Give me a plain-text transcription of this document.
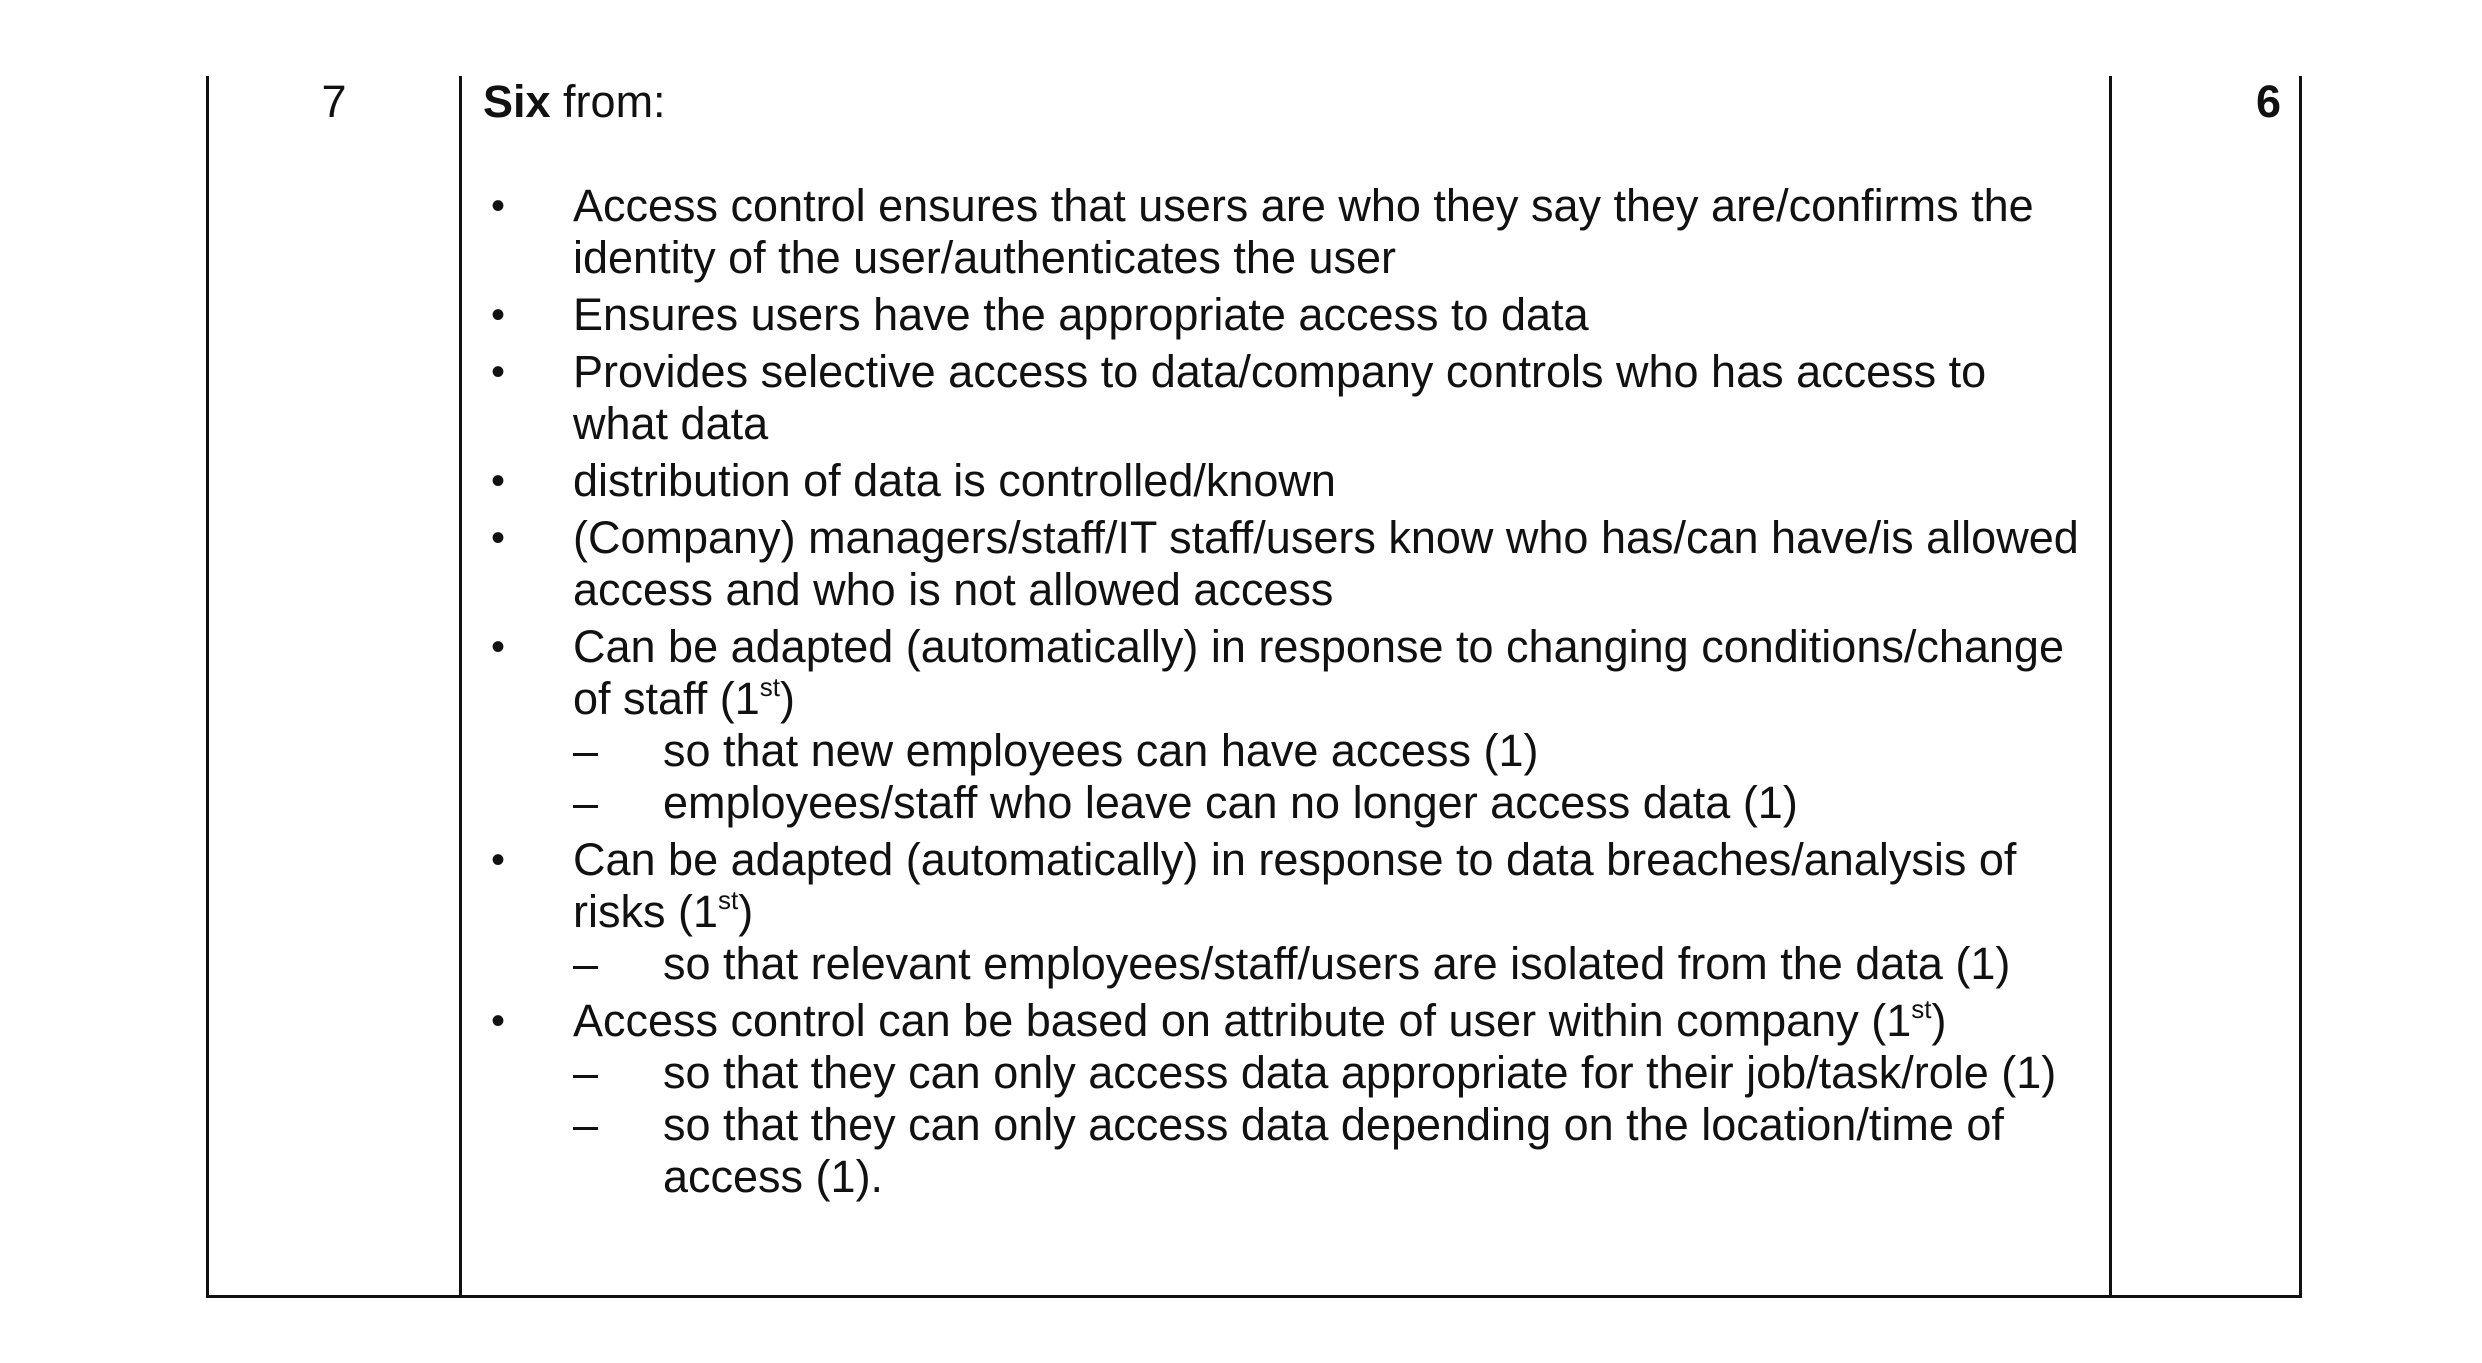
7	Six from:

• Access control ensures that users are who they say they are/confirms the identity of the user/authenticates the user
• Ensures users have the appropriate access to data
• Provides selective access to data/company controls who has access to what data
• distribution of data is controlled/known
• (Company) managers/staff/IT staff/users know who has/can have/is allowed access and who is not allowed access
• Can be adapted (automatically) in response to changing conditions/change of staff (1st)
– so that new employees can have access (1)
– employees/staff who leave can no longer access data (1)
• Can be adapted (automatically) in response to data breaches/analysis of risks (1st)
– so that relevant employees/staff/users are isolated from the data (1)
• Access control can be based on attribute of user within company (1st)
– so that they can only access data appropriate for their job/task/role (1)
– so that they can only access data depending on the location/time of access (1).
6
